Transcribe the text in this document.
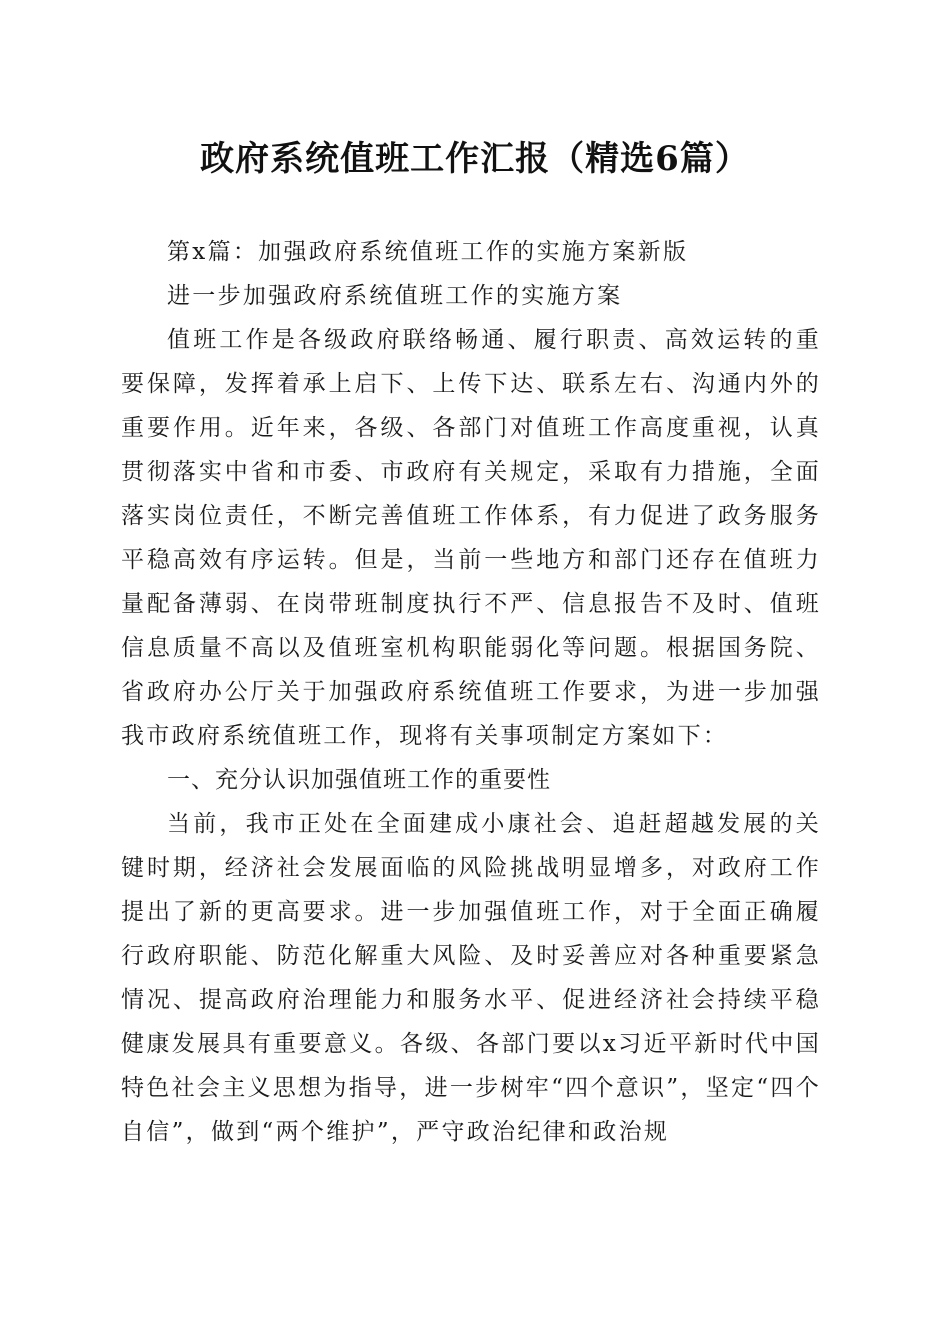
政府系统值班工作汇报（精选6篇）

第x篇：加强政府系统值班工作的实施方案新版

进一步加强政府系统值班工作的实施方案

值班工作是各级政府联络畅通、履行职责、高效运转的重要保障，发挥着承上启下、上传下达、联系左右、沟通内外的重要作用。近年来，各级、各部门对值班工作高度重视，认真贯彻落实中省和市委、市政府有关规定，采取有力措施，全面落实岗位责任，不断完善值班工作体系，有力促进了政务服务平稳高效有序运转。但是，当前一些地方和部门还存在值班力量配备薄弱、在岗带班制度执行不严、信息报告不及时、值班信息质量不高以及值班室机构职能弱化等问题。根据国务院、省政府办公厅关于加强政府系统值班工作要求，为进一步加强我市政府系统值班工作，现将有关事项制定方案如下：

一、充分认识加强值班工作的重要性

当前，我市正处在全面建成小康社会、追赶超越发展的关键时期，经济社会发展面临的风险挑战明显增多，对政府工作提出了新的更高要求。进一步加强值班工作，对于全面正确履行政府职能、防范化解重大风险、及时妥善应对各种重要紧急情况、提高政府治理能力和服务水平、促进经济社会持续平稳健康发展具有重要意义。各级、各部门要以x习近平新时代中国特色社会主义思想为指导，进一步树牢“四个意识”，坚定“四个自信”，做到“两个维护”，严守政治纪律和政治规
